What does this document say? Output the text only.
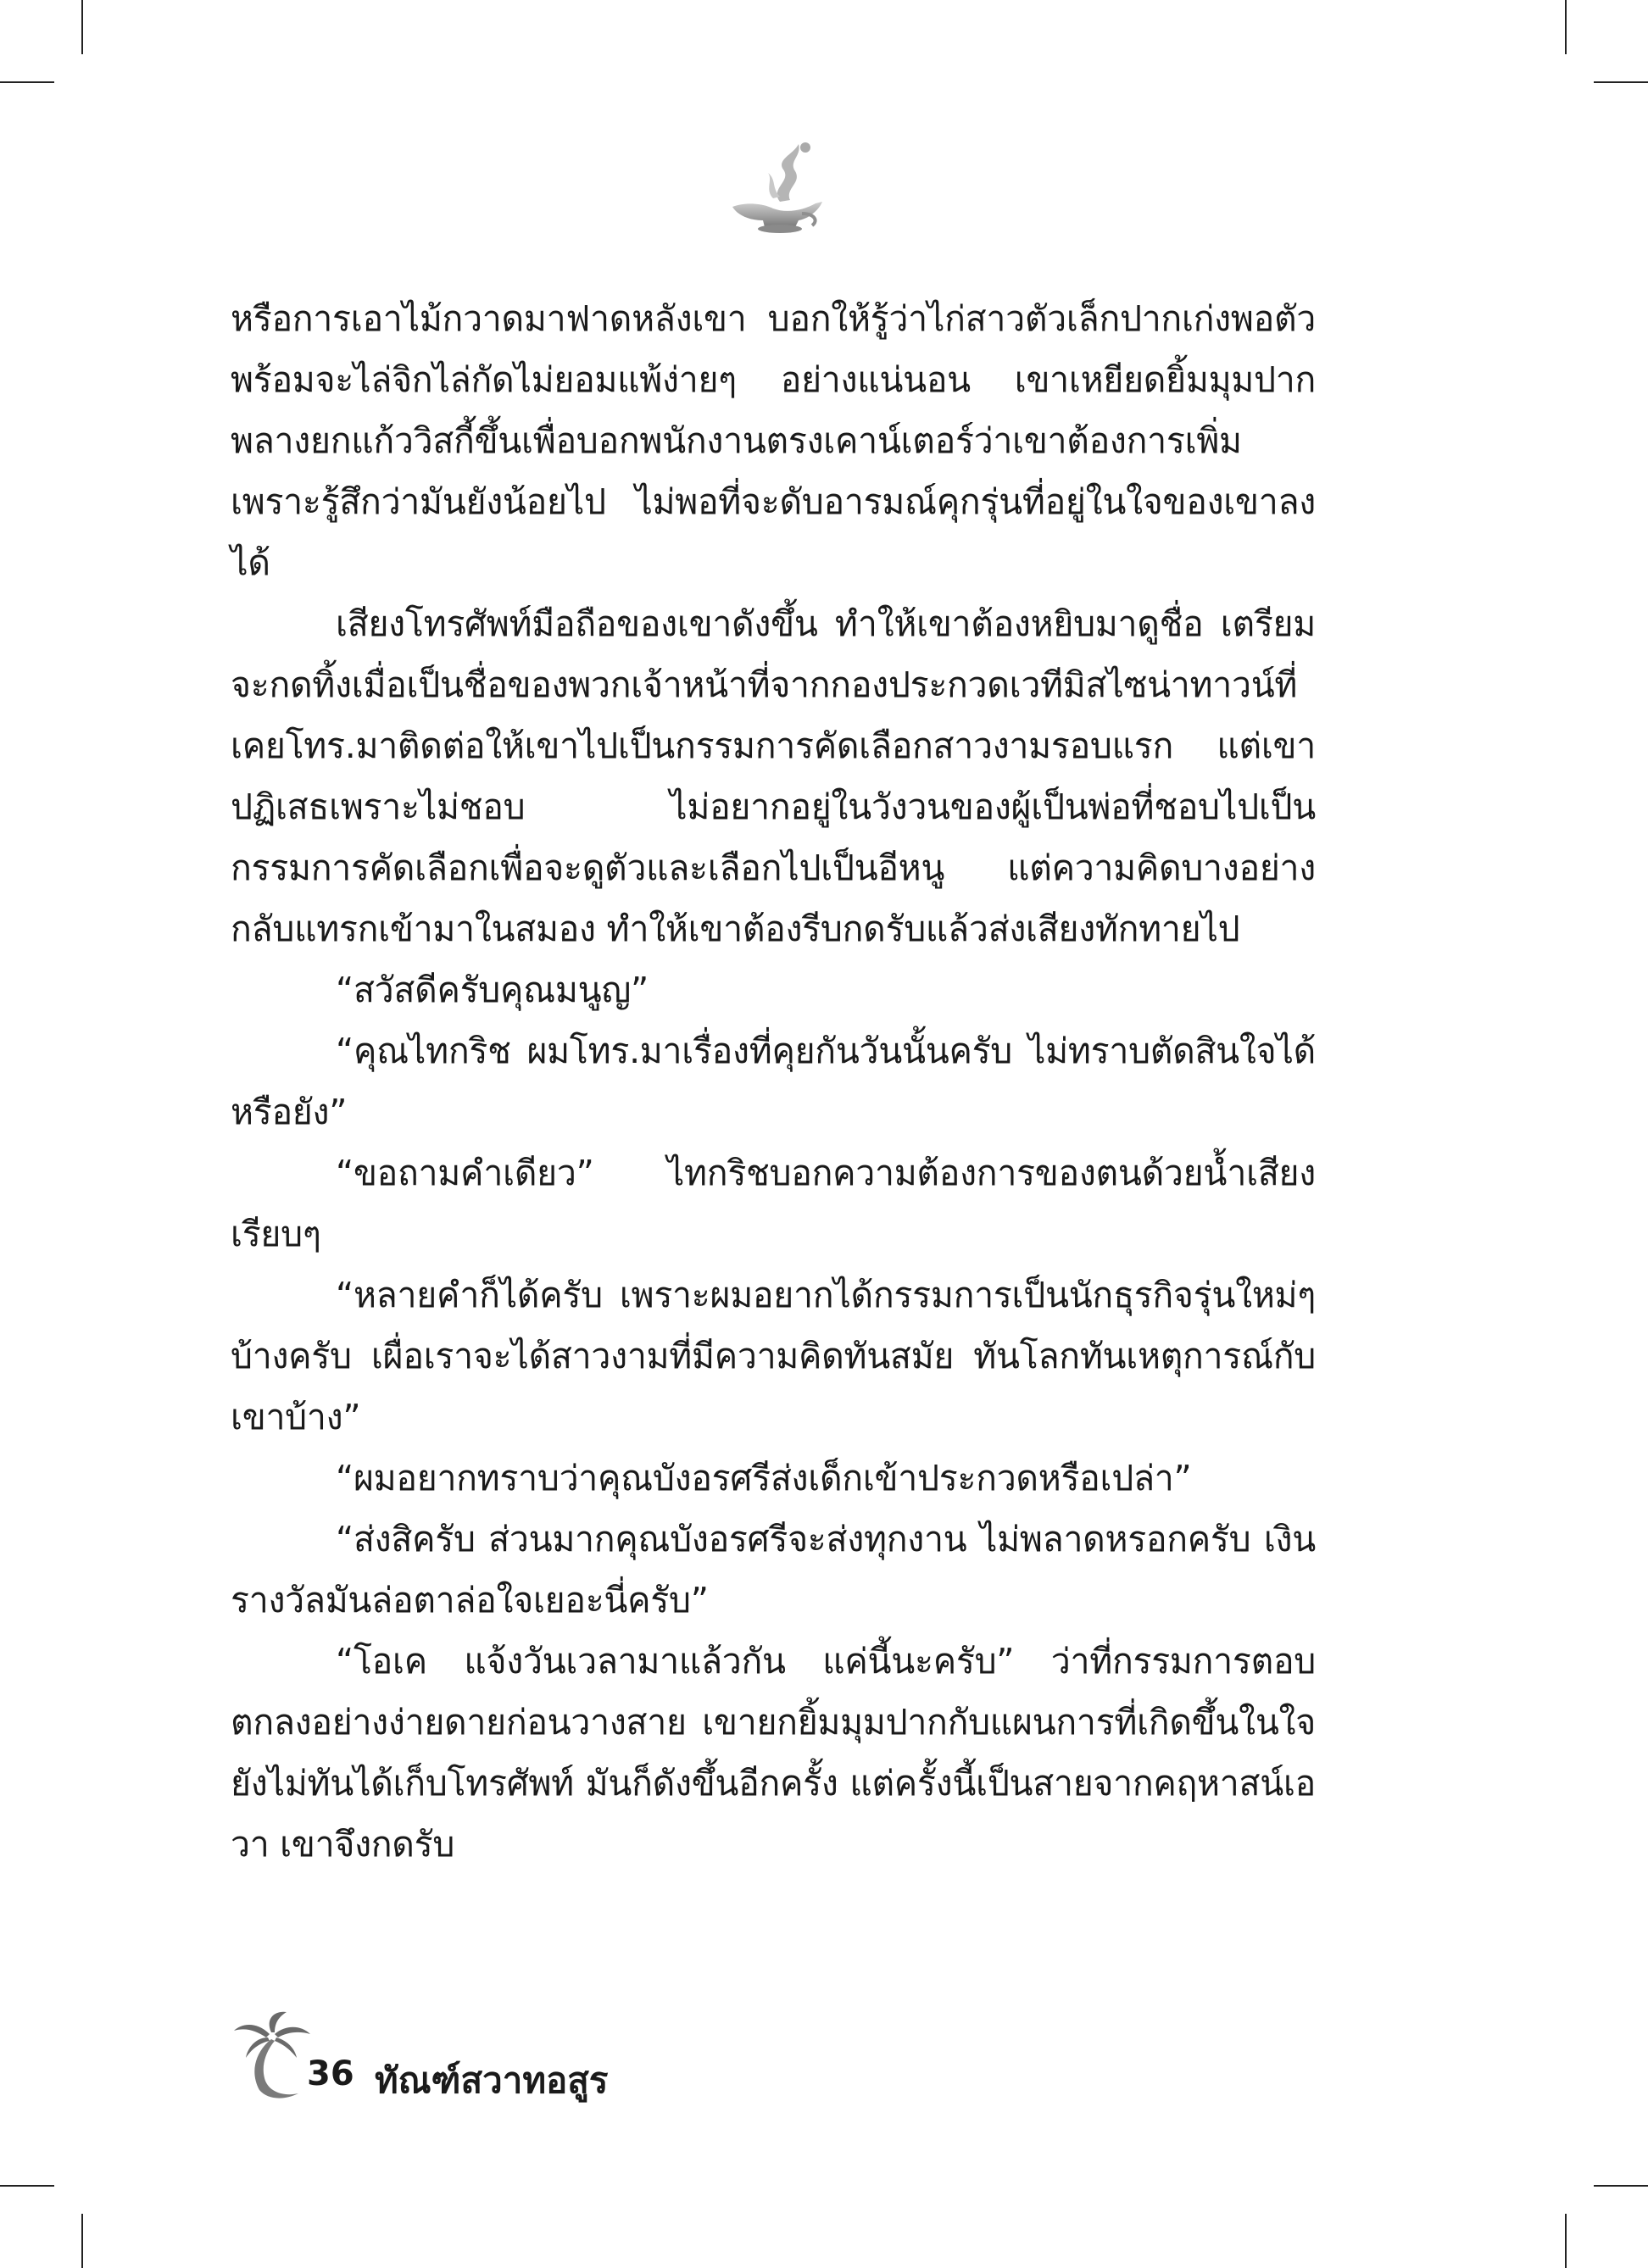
หรือการเอาไม้กวาดมาฟาดหลังเขา บอกให้รู้ว่าไก่สาวตัวเล็กปากเก่งพอตัว พร้อมจะไล่จิกไล่กัดไม่ยอมแพ้ง่ายๆ อย่างแน่นอน เขาเหยียดยิ้มมุมปาก พลางยกแก้ววิสกี้ขึ้นเพื่อบอกพนักงานตรงเคาน์เตอร์ว่าเขาต้องการเพิ่ม เพราะรู้สึกว่ามันยังน้อยไป ไม่พอที่จะดับอารมณ์คุกรุ่นที่อยู่ในใจของเขาลงได้

เสียงโทรศัพท์มือถือของเขาดังขึ้น ทำให้เขาต้องหยิบมาดูชื่อ เตรียมจะกดทิ้งเมื่อเป็นชื่อของพวกเจ้าหน้าที่จากกองประกวดเวทีมิสไซน่าทาวน์ที่เคยโทร.มาติดต่อให้เขาไปเป็นกรรมการคัดเลือกสาวงามรอบแรก แต่เขาปฏิเสธเพราะไม่ชอบ ไม่อยากอยู่ในวังวนของผู้เป็นพ่อที่ชอบไปเป็นกรรมการคัดเลือกเพื่อจะดูตัวและเลือกไปเป็นอีหนู แต่ความคิดบางอย่างกลับแทรกเข้ามาในสมอง ทำให้เขาต้องรีบกดรับแล้วส่งเสียงทักทายไป

“สวัสดีครับคุณมนูญ”

“คุณไทกริช ผมโทร.มาเรื่องที่คุยกันวันนั้นครับ ไม่ทราบตัดสินใจได้หรือยัง”

“ขอถามคำเดียว” ไทกริชบอกความต้องการของตนด้วยน้ำเสียงเรียบๆ

“หลายคำก็ได้ครับ เพราะผมอยากได้กรรมการเป็นนักธุรกิจรุ่นใหม่ๆ บ้างครับ เผื่อเราจะได้สาวงามที่มีความคิดทันสมัย ทันโลกทันเหตุการณ์กับเขาบ้าง”

“ผมอยากทราบว่าคุณบังอรศรีส่งเด็กเข้าประกวดหรือเปล่า”

“ส่งสิครับ ส่วนมากคุณบังอรศรีจะส่งทุกงาน ไม่พลาดหรอกครับ เงินรางวัลมันล่อตาล่อใจเยอะนี่ครับ”

“โอเค แจ้งวันเวลามาแล้วกัน แค่นี้นะครับ” ว่าที่กรรมการตอบตกลงอย่างง่ายดายก่อนวางสาย เขายกยิ้มมุมปากกับแผนการที่เกิดขึ้นในใจ ยังไม่ทันได้เก็บโทรศัพท์ มันก็ดังขึ้นอีกครั้ง แต่ครั้งนี้เป็นสายจากคฤหาสน์เอวา เขาจึงกดรับ

36 ทัณฑ์สวาทอสูร
